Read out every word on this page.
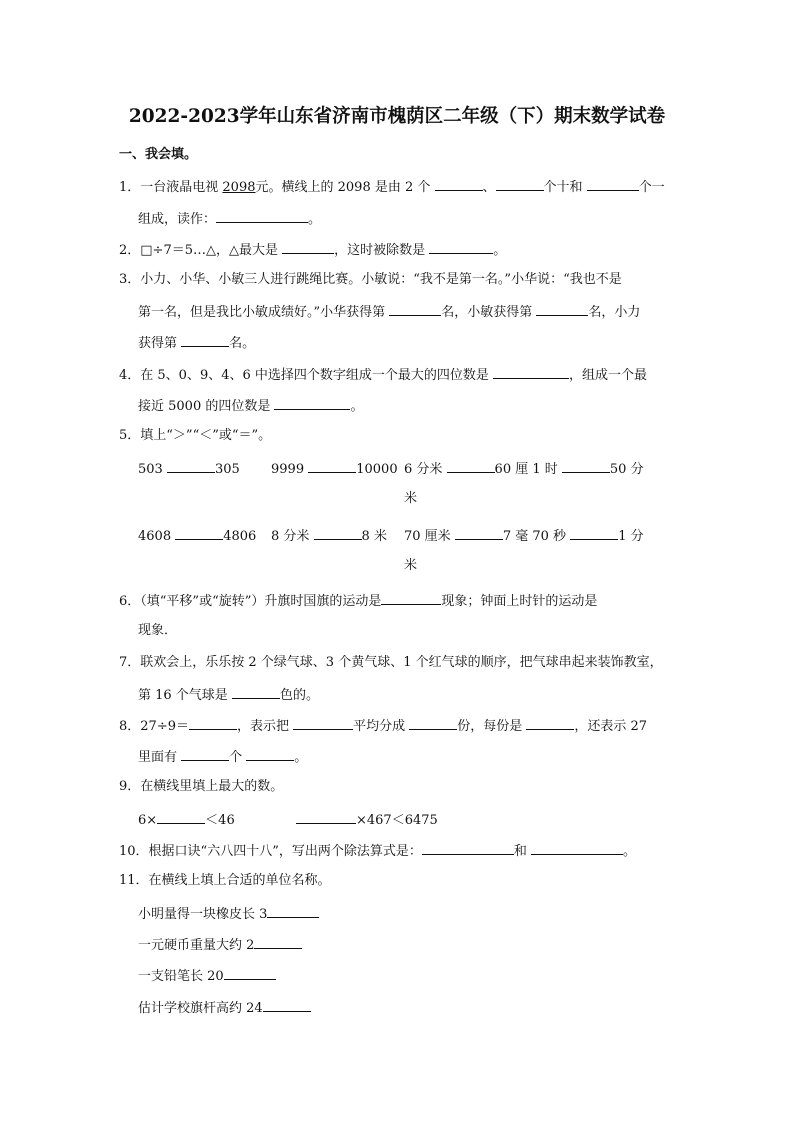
2022-2023学年山东省济南市槐荫区二年级（下）期末数学试卷
一、我会填。
1．一台液晶电视 2098元。横线上的 2098 是由 2 个	、	个十和	个一
组成，读作：	。
2．□÷7＝5…△，△最大是	，这时被除数是	。
3．小力、小华、小敏三人进行跳绳比赛。小敏说：“我不是第一名。”小华说：“我也不是
第一名，但是我比小敏成绩好。”小华获得第	名，小敏获得第	名，小力
获得第	名。
4．在 5、0、9、4、6 中选择四个数字组成一个最大的四位数是	，组成一个最
接近 5000 的四位数是	。
5．填上“＞”“＜”或“＝”。
503	305 9999	10000 6 分米	60 厘 1 时	50 分
米
4608	4806 8 分米	8 米 70 厘米	7 毫 70 秒	1 分
米
6．（填“平移”或“旋转”）升旗时国旗的运动是	现象；钟面上时针的运动是
现象．
7．联欢会上，乐乐按 2 个绿气球、3 个黄气球、1 个红气球的顺序，把气球串起来装饰教室，
第 16 个气球是	色的。
8．27÷9＝	，表示把	平均分成	份，每份是	，还表示 27
里面有	个	。
9．在横线里填上最大的数。
6×	＜46	×467＜6475
10．根据口诀“六八四十八”，写出两个除法算式是：	和	。
11．在横线上填上合适的单位名称。
小明量得一块橡皮长 3
一元硬币重量大约 2
一支铅笔长 20
估计学校旗杆高约 24
